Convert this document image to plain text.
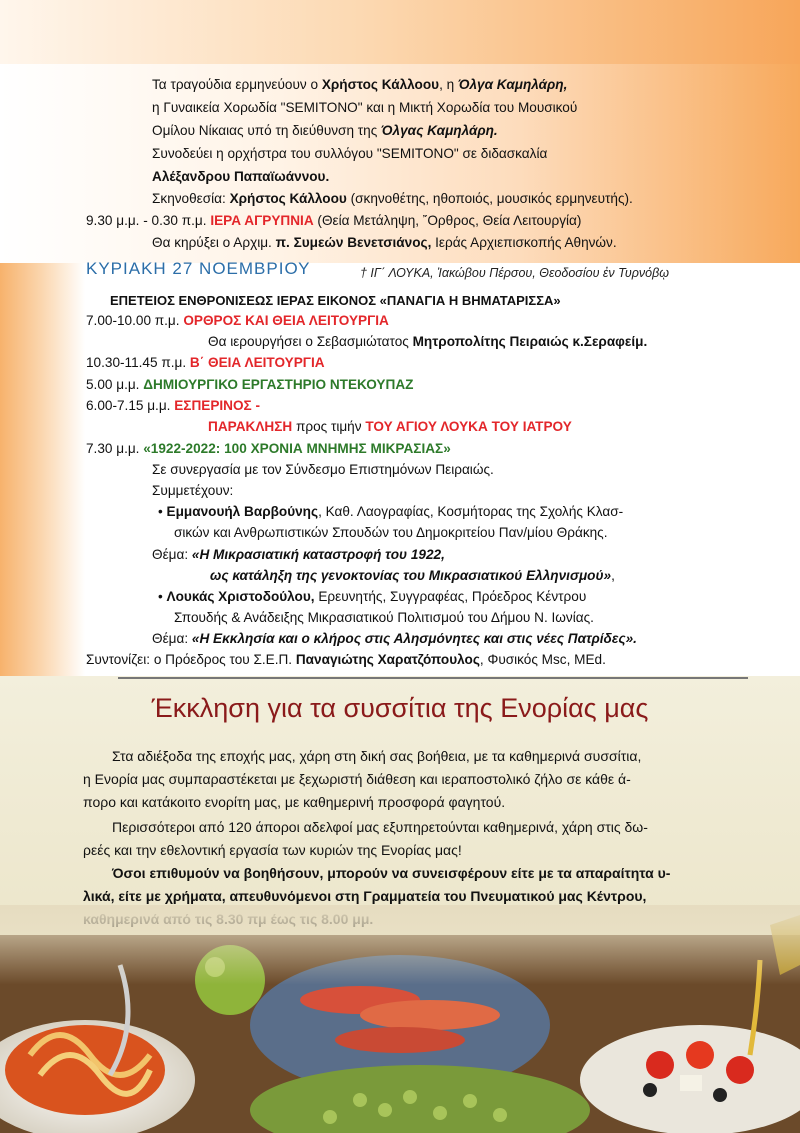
Τα τραγούδια ερμηνεύουν ο Χρήστος Κάλλοου, η Όλγα Καμηλάρη,
η Γυναικεία Χορωδία "SEMITONO" και η Μικτή Χορωδία του Μουσικού
Ομίλου Νίκαιας υπό τη διεύθυνση της Όλγας Καμηλάρη.
Συνοδεύει η ορχήστρα του συλλόγου "SEMITONO" σε διδασκαλία
Αλέξανδρου Παπαϊωάννου.
Σκηνοθεσία: Χρήστος Κάλλοου (σκηνοθέτης, ηθοποιός, μουσικός ερμηνευτής).
9.30 μ.μ. - 0.30 π.μ. ΙΕΡΑ ΑΓΡΥΠΝΙΑ (Θεία Μετάληψη, ῎Ορθρος, Θεία Λειτουργία)
Θα κηρύξει ο Αρχιμ. π. Συμεών Βενετσιάνος, Ιεράς Αρχιεπισκοπής Αθηνών.
ΚΥΡΙΑΚΗ 27 ΝΟΕΜΒΡΙΟΥ	† ΙΓ΄ ΛΟΥΚΑ, Ἰακώβου Πέρσου, Θεοδοσίου ἐν Τυρνόβῳ
ΕΠΕΤΕΙΟΣ ΕΝΘΡΟΝΙΣΕΩΣ ΙΕΡΑΣ ΕΙΚΟΝΟΣ «ΠΑΝΑΓΙΑ Η ΒΗΜΑΤΑΡΙΣΣΑ»
7.00-10.00 π.μ. ΟΡΘΡΟΣ ΚΑΙ ΘΕΙΑ ΛΕΙΤΟΥΡΓΙΑ
Θα ιερουργήσει ο Σεβασμιώτατος Μητροπολίτης Πειραιώς κ.Σεραφείμ.
10.30-11.45 π.μ. Β΄ ΘΕΙΑ ΛΕΙΤΟΥΡΓΙΑ
5.00 μ.μ. ΔΗΜΙΟΥΡΓΙΚΟ ΕΡΓΑΣΤΗΡΙΟ ΝΤΕΚΟΥΠΑΖ
6.00-7.15 μ.μ. ΕΣΠΕΡΙΝΟΣ -
ΠΑΡΑΚΛΗΣΗ προς τιμήν ΤΟΥ ΑΓΙΟΥ ΛΟΥΚΑ ΤΟΥ ΙΑΤΡΟΥ
7.30 μ.μ. «1922-2022: 100 ΧΡΟΝΙΑ ΜΝΗΜΗΣ ΜΙΚΡΑΣΙΑΣ»
Σε συνεργασία με τον Σύνδεσμο Επιστημόνων Πειραιώς.
Συμμετέχουν:
• Εμμανουήλ Βαρβούνης, Καθ. Λαογραφίας, Κοσμήτορας της Σχολής Κλασ-
σικών και Ανθρωπιστικών Σπουδών του Δημοκριτείου Παν/μίου Θράκης.
Θέμα: «Η Μικρασιατική καταστροφή του 1922,
ως κατάληξη της γενοκτονίας του Μικρασιατικού Ελληνισμού»,
• Λουκάς Χριστοδούλου, Ερευνητής, Συγγραφέας, Πρόεδρος Κέντρου
Σπουδής & Ανάδειξης Μικρασιατικού Πολιτισμού του Δήμου Ν. Ιωνίας.
Θέμα: «Η Εκκλησία και ο κλήρος στις Αλησμόνητες και στις νέες Πατρίδες».
Συντονίζει: ο Πρόεδρος του Σ.Ε.Π. Παναγιώτης Χαρατζόπουλος, Φυσικός Msc, MEd.
Έκκληση για τα συσσίτια της Ενορίας μας
Στα αδιέξοδα της εποχής μας, χάρη στη δική σας βοήθεια, με τα καθημερινά συσσίτια,
η Ενορία μας συμπαραστέκεται με ξεχωριστή διάθεση και ιεραποστολικό ζήλο σε κάθε ά-
πορο και κατάκοιτο ενορίτη μας, με καθημερινή προσφορά φαγητού.
Περισσότεροι από 120 άποροι αδελφοί μας εξυπηρετούνται καθημερινά, χάρη στις δω-
ρεές και την εθελοντική εργασία των κυριών της Ενορίας μας!
Όσοι επιθυμούν να βοηθήσουν, μπορούν να συνεισφέρουν είτε με τα απαραίτητα υ-
λικά, είτε με χρήματα, απευθυνόμενοι στη Γραμματεία του Πνευματικού μας Κέντρου,
